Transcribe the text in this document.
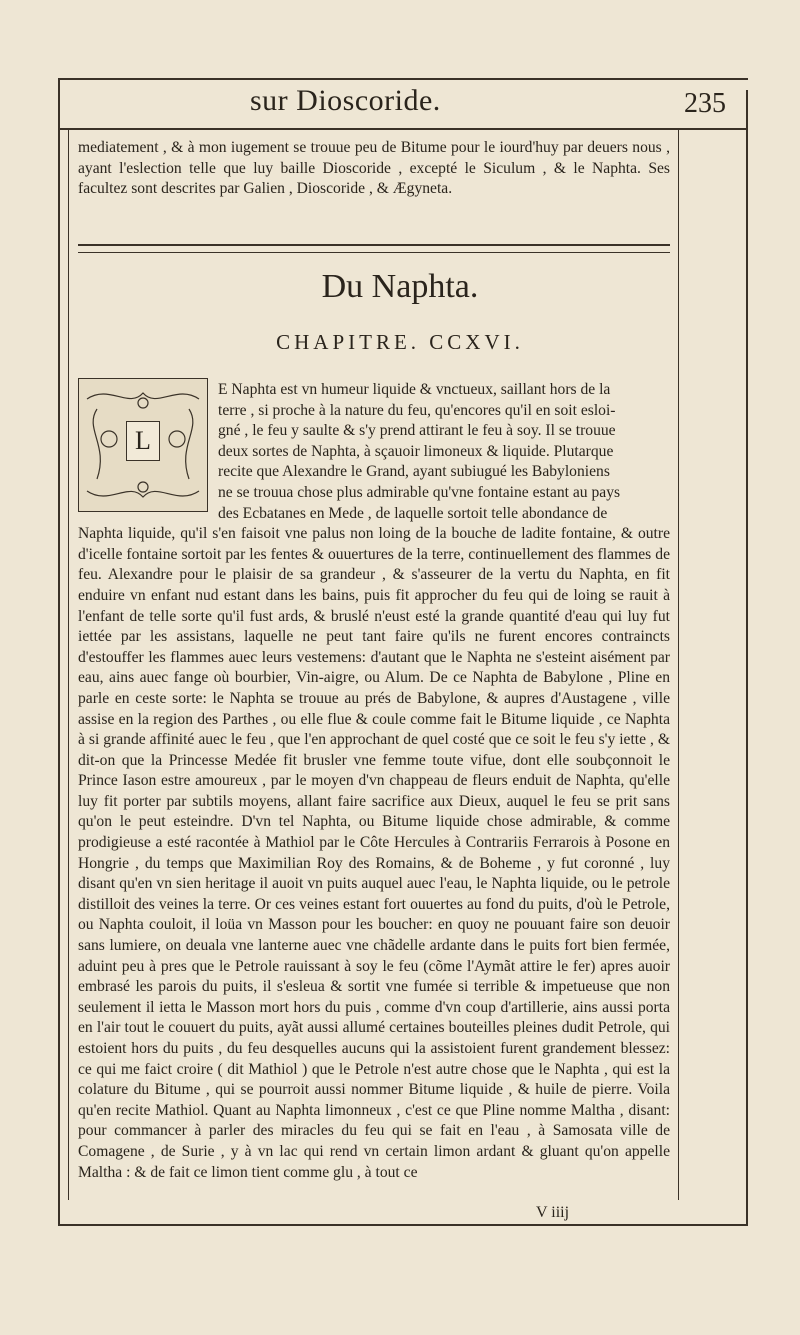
sur Dioscoride.	235

mediatement , & à mon iugement se trouue peu de Bitume pour le iourd'huy par deuers nous , ayant l'eslection telle que luy baille Dioscoride , excepté le Siculum , & le Naphta. Ses facultez sont descrites par Galien , Dioscoride , & Ægyneta.

Du Naphta.
CHAPITRE. CCXVI.
L

E Naphta est vn humeur liquide & vnctueux, saillant hors de la

terre , si proche à la nature du feu, qu'encores qu'il en soit esloi-

gné , le feu y saulte & s'y prend attirant le feu à soy. Il se trouue

deux sortes de Naphta, à sçauoir limoneux & liquide. Plutarque

recite que Alexandre le Grand, ayant subiugué les Babyloniens

ne se trouua chose plus admirable qu'vne fontaine estant au pays

des Ecbatanes en Mede , de laquelle sortoit telle abondance de

Naphta liquide, qu'il s'en faisoit vne palus non loing de la bouche de ladite fontaine, & outre d'icelle fontaine sortoit par les fentes & ouuertures de la terre, continuellement des flammes de feu. Alexandre pour le plaisir de sa grandeur , & s'asseurer de la vertu du Naphta, en fit enduire vn enfant nud estant dans les bains, puis fit approcher du feu qui de loing se rauit à l'enfant de telle sorte qu'il fust ards, & bruslé n'eust esté la grande quantité d'eau qui luy fut iettée par les assistans, laquelle ne peut tant faire qu'ils ne furent encores contraincts d'estouffer les flammes auec leurs vestemens: d'autant que le Naphta ne s'esteint aisément par eau, ains auec fange où bourbier, Vin-aigre, ou Alum. De ce Naphta de Babylone , Pline en parle en ceste sorte: le Naphta se trouue au prés de Babylone, & aupres d'Austagene , ville assise en la region des Parthes , ou elle flue & coule comme fait le Bitume liquide , ce Naphta à si grande affinité auec le feu , que l'en approchant de quel costé que ce soit le feu s'y iette , & dit-on que la Princesse Medée fit brusler vne femme toute vifue, dont elle soubçonnoit le Prince Iason estre amoureux , par le moyen d'vn chappeau de fleurs enduit de Naphta, qu'elle luy fit porter par subtils moyens, allant faire sacrifice aux Dieux, auquel le feu se prit sans qu'on le peut esteindre. D'vn tel Naphta, ou Bitume liquide chose admirable, & comme prodigieuse a esté racontée à Mathiol par le Côte Hercules à Contrariis Ferrarois à Posone en Hongrie , du temps que Maximilian Roy des Romains, & de Boheme , y fut coronné , luy disant qu'en vn sien heritage il auoit vn puits auquel auec l'eau, le Naphta liquide, ou le petrole distilloit des veines la terre. Or ces veines estant fort ouuertes au fond du puits, d'où le Petrole, ou Naphta couloit, il loüa vn Masson pour les boucher: en quoy ne pouuant faire son deuoir sans lumiere, on deuala vne lanterne auec vne chãdelle ardante dans le puits fort bien fermée, aduint peu à pres que le Petrole rauissant à soy le feu (cõme l'Aymãt attire le fer) apres auoir embrasé les parois du puits, il s'esleua & sortit vne fumée si terrible & impetueuse que non seulement il ietta le Masson mort hors du puis , comme d'vn coup d'artillerie, ains aussi porta en l'air tout le couuert du puits, ayãt aussi allumé certaines bouteilles pleines dudit Petrole, qui estoient hors du puits , du feu desquelles aucuns qui la assistoient furent grandement blessez: ce qui me faict croire ( dit Mathiol ) que le Petrole n'est autre chose que le Naphta , qui est la colature du Bitume , qui se pourroit aussi nommer Bitume liquide , & huile de pierre. Voila qu'en recite Mathiol. Quant au Naphta limonneux , c'est ce que Pline nomme Maltha , disant: pour commancer à parler des miracles du feu qui se fait en l'eau , à Samosata ville de Comagene , de Surie , y à vn lac qui rend vn certain limon ardant & gluant qu'on appelle Maltha : & de fait ce limon tient comme glu , à tout ce

V iiij
